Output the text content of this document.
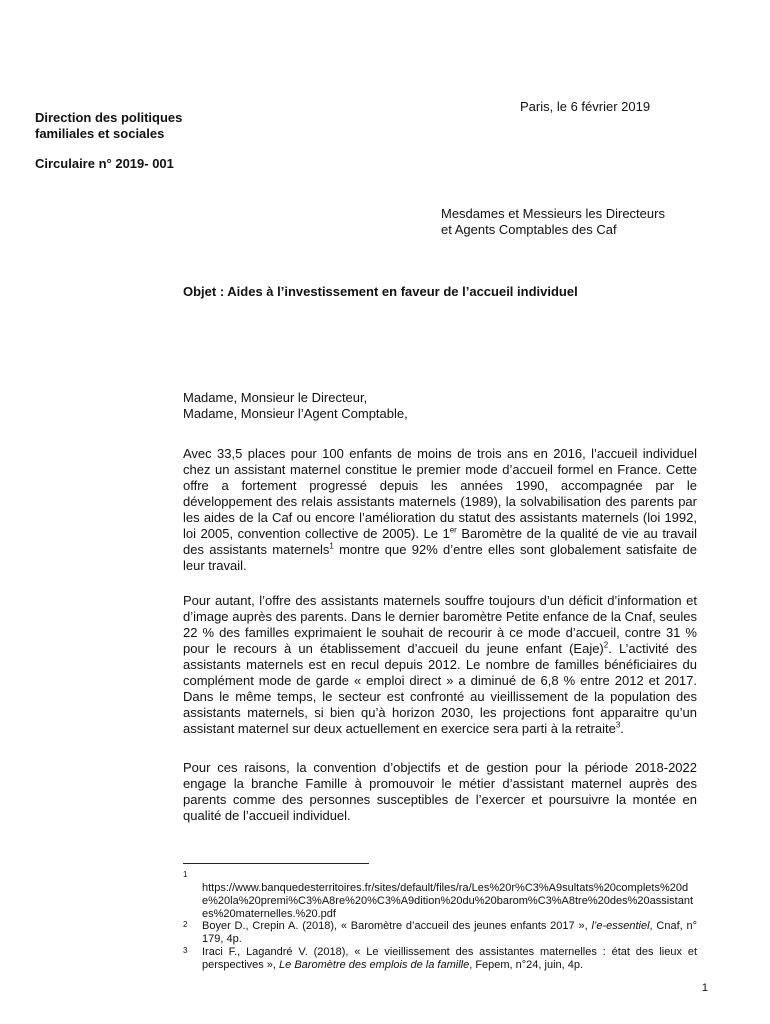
Paris, le 6 février 2019
Direction des politiques
familiales et sociales
Circulaire n° 2019- 001
Mesdames et Messieurs les Directeurs
et Agents Comptables des Caf
Objet : Aides à l’investissement en faveur de l’accueil individuel
Madame, Monsieur le Directeur,
Madame, Monsieur l’Agent Comptable,

Avec 33,5 places pour 100 enfants de moins de trois ans en 2016, l’accueil individuel chez un assistant maternel constitue le premier mode d’accueil formel en France. Cette offre a fortement progressé depuis les années 1990, accompagnée par le développement des relais assistants maternels (1989), la solvabilisation des parents par les aides de la Caf ou encore l’amélioration du statut des assistants maternels (loi 1992, loi 2005, convention collective de 2005). Le 1er Baromètre de la qualité de vie au travail des assistants maternels$^1$ montre que 92% d’entre elles sont globalement satisfaite de leur travail.

Pour autant, l’offre des assistants maternels souffre toujours d’un déficit d’information et d’image auprès des parents. Dans le dernier baromètre Petite enfance de la Cnaf, seules 22 % des familles exprimaient le souhait de recourir à ce mode d’accueil, contre 31 % pour le recours à un établissement d’accueil du jeune enfant (Eaje)$^2$. L’activité des assistants maternels est en recul depuis 2012. Le nombre de familles bénéficiaires du complément mode de garde « emploi direct » a diminué de 6,8 % entre 2012 et 2017. Dans le même temps, le secteur est confronté au vieillissement de la population des assistants maternels, si bien qu’à horizon 2030, les projections font apparaitre qu’un assistant maternel sur deux actuellement en exercice sera parti à la retraite$^3$.

Pour ces raisons, la convention d’objectifs et de gestion pour la période 2018-2022 engage la branche Famille à promouvoir le métier d’assistant maternel auprès des parents comme des personnes susceptibles de l’exercer et poursuivre la montée en qualité de l’accueil individuel.

1
https://www.banquedesterritoires.fr/sites/default/files/ra/Les%20r%C3%A9sultats%20complets%20de%20la%20premi%C3%A8re%20%C3%A9dition%20du%20barom%C3%A8tre%20des%20assistantes%20maternelles.%20.pdf
2 Boyer D., Crepin A. (2018), « Baromètre d’accueil des jeunes enfants 2017 », l’e-essentiel, Cnaf, n° 179, 4p.
3 Iraci F., Lagandré V. (2018), « Le vieillissement des assistantes maternelles : état des lieux et perspectives », Le Baromètre des emplois de la famille, Fepem, n°24, juin, 4p.
1
